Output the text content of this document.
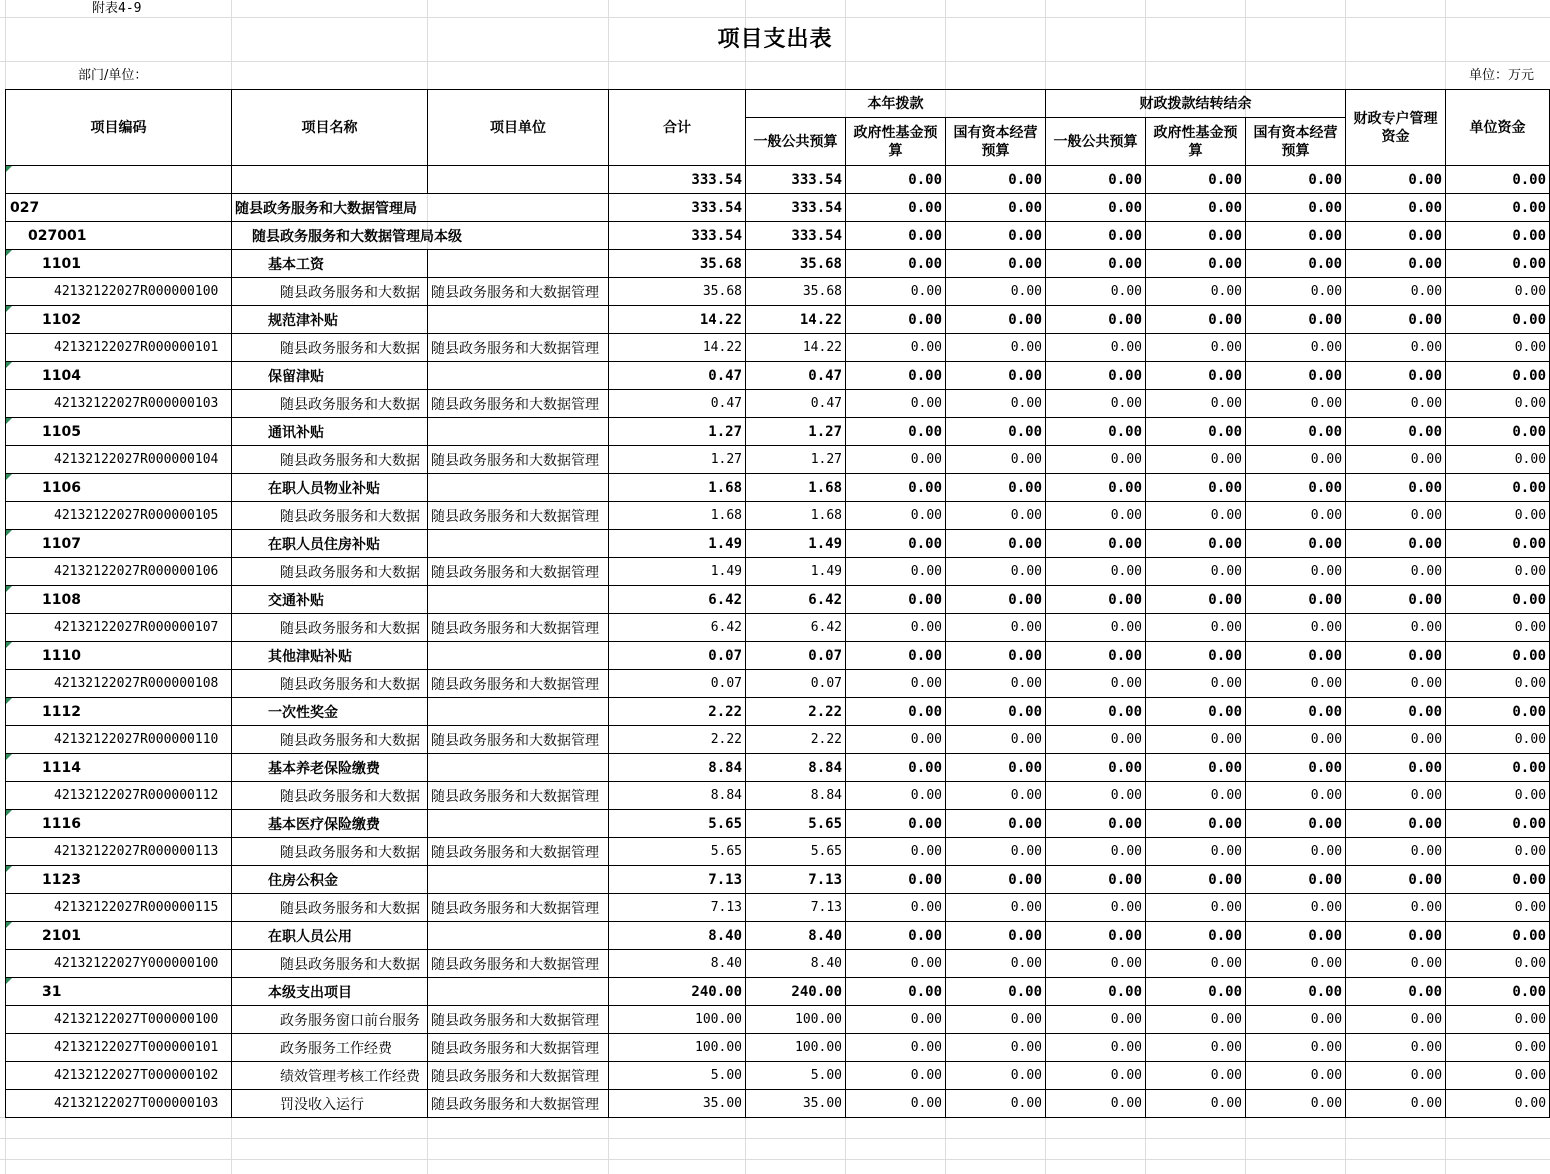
附表4-9
项目支出表
部门/单位：	单位：万元
项目编码	项目名称	项目单位	合计	本年拨款			财政拨款结转结余			财政专户管理资金	单位资金
				一般公共预算	政府性基金预算	国有资本经营预算	一般公共预算	政府性基金预算	国有资本经营预算		

			333.54	333.54	0.00	0.00	0.00	0.00	0.00	0.00	0.00
027	随县政务服务和大数据管理局		333.54	333.54	0.00	0.00	0.00	0.00	0.00	0.00	0.00
027001	随县政务服务和大数据管理局本级		333.54	333.54	0.00	0.00	0.00	0.00	0.00	0.00	0.00

1101	基本工资		35.68	35.68	0.00	0.00	0.00	0.00	0.00	0.00	0.00
42132122027R000000100	随县政务服务和大数据	随县政务服务和大数据管理	35.68	35.68	0.00	0.00	0.00	0.00	0.00	0.00	0.00

1102	规范津补贴		14.22	14.22	0.00	0.00	0.00	0.00	0.00	0.00	0.00
42132122027R000000101	随县政务服务和大数据	随县政务服务和大数据管理	14.22	14.22	0.00	0.00	0.00	0.00	0.00	0.00	0.00

1104	保留津贴		0.47	0.47	0.00	0.00	0.00	0.00	0.00	0.00	0.00
42132122027R000000103	随县政务服务和大数据	随县政务服务和大数据管理	0.47	0.47	0.00	0.00	0.00	0.00	0.00	0.00	0.00

1105	通讯补贴		1.27	1.27	0.00	0.00	0.00	0.00	0.00	0.00	0.00
42132122027R000000104	随县政务服务和大数据	随县政务服务和大数据管理	1.27	1.27	0.00	0.00	0.00	0.00	0.00	0.00	0.00

1106	在职人员物业补贴		1.68	1.68	0.00	0.00	0.00	0.00	0.00	0.00	0.00
42132122027R000000105	随县政务服务和大数据	随县政务服务和大数据管理	1.68	1.68	0.00	0.00	0.00	0.00	0.00	0.00	0.00

1107	在职人员住房补贴		1.49	1.49	0.00	0.00	0.00	0.00	0.00	0.00	0.00
42132122027R000000106	随县政务服务和大数据	随县政务服务和大数据管理	1.49	1.49	0.00	0.00	0.00	0.00	0.00	0.00	0.00

1108	交通补贴		6.42	6.42	0.00	0.00	0.00	0.00	0.00	0.00	0.00
42132122027R000000107	随县政务服务和大数据	随县政务服务和大数据管理	6.42	6.42	0.00	0.00	0.00	0.00	0.00	0.00	0.00

1110	其他津贴补贴		0.07	0.07	0.00	0.00	0.00	0.00	0.00	0.00	0.00
42132122027R000000108	随县政务服务和大数据	随县政务服务和大数据管理	0.07	0.07	0.00	0.00	0.00	0.00	0.00	0.00	0.00

1112	一次性奖金		2.22	2.22	0.00	0.00	0.00	0.00	0.00	0.00	0.00
42132122027R000000110	随县政务服务和大数据	随县政务服务和大数据管理	2.22	2.22	0.00	0.00	0.00	0.00	0.00	0.00	0.00

1114	基本养老保险缴费		8.84	8.84	0.00	0.00	0.00	0.00	0.00	0.00	0.00
42132122027R000000112	随县政务服务和大数据	随县政务服务和大数据管理	8.84	8.84	0.00	0.00	0.00	0.00	0.00	0.00	0.00

1116	基本医疗保险缴费		5.65	5.65	0.00	0.00	0.00	0.00	0.00	0.00	0.00
42132122027R000000113	随县政务服务和大数据	随县政务服务和大数据管理	5.65	5.65	0.00	0.00	0.00	0.00	0.00	0.00	0.00

1123	住房公积金		7.13	7.13	0.00	0.00	0.00	0.00	0.00	0.00	0.00
42132122027R000000115	随县政务服务和大数据	随县政务服务和大数据管理	7.13	7.13	0.00	0.00	0.00	0.00	0.00	0.00	0.00

2101	在职人员公用		8.40	8.40	0.00	0.00	0.00	0.00	0.00	0.00	0.00
42132122027Y000000100	随县政务服务和大数据	随县政务服务和大数据管理	8.40	8.40	0.00	0.00	0.00	0.00	0.00	0.00	0.00

31	本级支出项目		240.00	240.00	0.00	0.00	0.00	0.00	0.00	0.00	0.00
42132122027T000000100	政务服务窗口前台服务	随县政务服务和大数据管理	100.00	100.00	0.00	0.00	0.00	0.00	0.00	0.00	0.00
42132122027T000000101	政务服务工作经费	随县政务服务和大数据管理	100.00	100.00	0.00	0.00	0.00	0.00	0.00	0.00	0.00
42132122027T000000102	绩效管理考核工作经费	随县政务服务和大数据管理	5.00	5.00	0.00	0.00	0.00	0.00	0.00	0.00	0.00
42132122027T000000103	罚没收入运行	随县政务服务和大数据管理	35.00	35.00	0.00	0.00	0.00	0.00	0.00	0.00	0.00
